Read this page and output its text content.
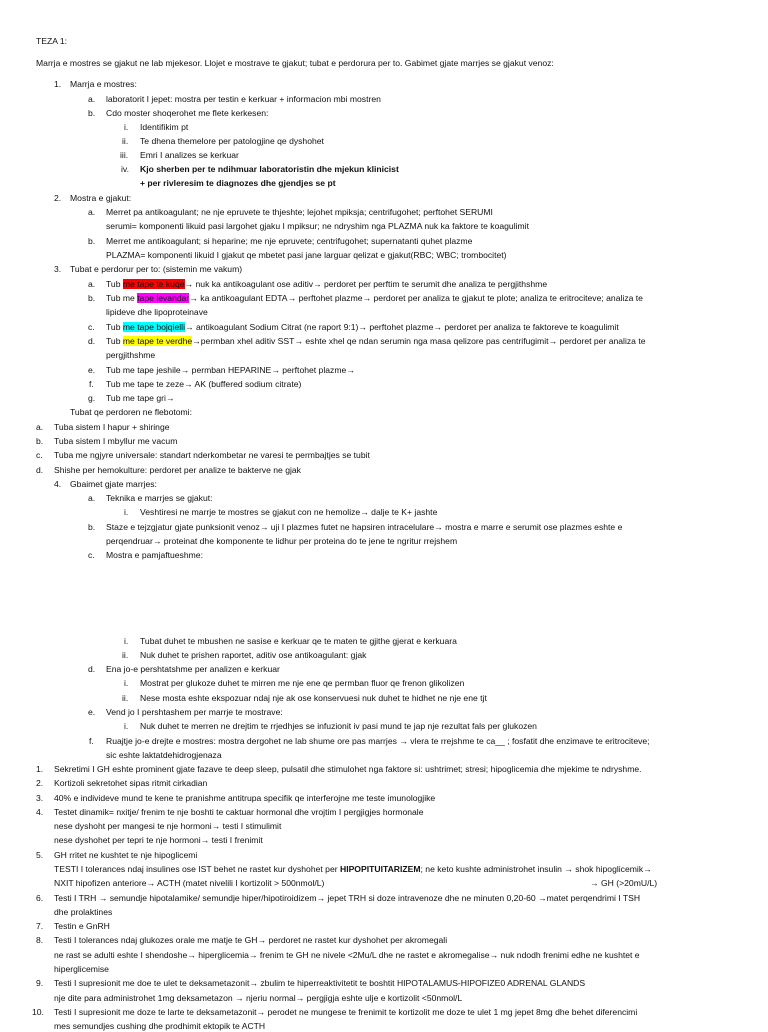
TEZA 1:
Marrja e mostres se gjakut ne lab mjekesor. Llojet e mostrave te gjakut; tubat e perdorura per to. Gabimet gjate marrjes se gjakut venoz:
1. Marrja e mostres:
a. laboratorit I jepet: mostra per testin e kerkuar + informacion mbi mostren
b. Cdo moster shoqerohet me flete kerkesen:
i. Identifikim pt
ii. Te dhena themelore per patologjine qe dyshohet
iii. Emri I analizes se kerkuar
iv. Kjo sherben per te ndihmuar laboratoristin dhe mjekun klinicist
+ per rivleresim te diagnozes dhe gjendjes se pt
2. Mostra e gjakut:
a. Merret pa antikoagulant; ne nje epruvete te thjeshte; lejohet mpiksja; centrifugohet; perftohet SERUMI
serumi= komponenti likuid pasi largohet gjaku I mpiksur; ne ndryshim nga PLAZMA nuk ka faktore te koagulimit
b. Merret me antikoagulant; si heparine; me nje epruvete; centrifugohet; supernatanti quhet plazme
PLAZMA= komponenti likuid I gjakut qe mbetet pasi jane larguar qelizat e gjakut(RBC; WBC; trombocitet)
3. Tubat e perdorur per to: (sistemin me vakum)
a. Tub me tape te kuqe→ nuk ka antikoagulant ose aditiv→ perdoret per perftim te serumit dhe analiza te pergjithshme
b. Tub me tape levandar→ ka antikoagulant EDTA→ perftohet plazme→ perdoret per analiza te gjakut te plote; analiza te eritrociteve; analiza te
lipideve dhe lipoproteinave
c. Tub me tape bojqielli→ antikoagulant Sodium Citrat (ne raport 9:1)→ perftohet plazme→ perdoret per analiza te faktoreve te koagulimit
d. Tub me tape te verdhe→permban xhel aditiv SST→ eshte xhel qe ndan serumin nga masa qelizore pas centrifugimit→ perdoret per analiza te
pergjithshme
e. Tub me tape jeshile→ permban HEPARINE→ perftohet plazme→
f. Tub me tape te zeze→ AK (buffered sodium citrate)
g. Tub me tape gri→
Tubat qe perdoren ne flebotomi:
a. Tuba sistem I hapur + shiringe
b. Tuba sistem I mbyllur me vacum
c. Tuba me ngjyre universale: standart nderkombetar ne varesi te permbajtjes se tubit
d. Shishe per hemokulture: perdoret per analize te bakterve ne gjak
4. Gbaimet gjate marrjes:
a. Teknika e marrjes se gjakut:
i. Veshtiresi ne marrje te mostres se gjakut con ne hemolize→ dalje te K+ jashte
b. Staze e tejzgjatur gjate punksionit venoz→ uji I plazmes futet ne hapsiren intracelulare→ mostra e marre e serumit ose plazmes eshte e
perqendruar→ proteinat dhe komponente te lidhur per proteina do te jene te ngritur rrejshem
c. Mostra e pamjaftueshme:
i. Tubat duhet te mbushen ne sasise e kerkuar qe te maten te gjithe gjerat e kerkuara
ii. Nuk duhet te prishen raportet, aditiv ose antikoagulant: gjak
d. Ena jo-e pershtatshme per analizen e kerkuar
i. Mostrat per glukoze duhet te mirren me nje ene qe permban fluor qe frenon glikolizen
ii. Nese mosta eshte ekspozuar ndaj nje ak ose konservuesi nuk duhet te hidhet ne nje ene tjt
e. Vend jo I pershtashem per marrje te mostrave:
i. Nuk duhet te merren ne drejtim te rrjedhjes se infuzionit iv pasi mund te jap nje rezultat fals per glukozen
f. Ruajtje jo-e drejte e mostres: mostra dergohet ne lab shume ore pas marrjes → vlera te rrejshme te ca__ ; fosfatit dhe enzimave te eritrociteve;
sic eshte laktatdehidrogjenaza
1. Sekretimi I GH eshte prominent gjate fazave te deep sleep, pulsatil dhe stimulohet nga faktore si: ushtrimet; stresi; hipoglicemia dhe mjekime te ndryshme.
2. Kortizoli sekretohet sipas ritmit cirkadian
3. 40% e individeve mund te kene te pranishme antitrupa specifik qe interferojne me teste imunologjike
4. Testet dinamik= nxitje/ frenim te nje boshti te caktuar hormonal dhe vrojtim I pergjigjes hormonale
nese dyshoht per mangesi te nje hormoni→ testi I stimulimit
nese dyshohet per tepri te nje hormoni→ testi I frenimit
5. GH rritet ne kushtet te nje hipoglicemi
TESTI I tolerances ndaj insulines ose IST behet ne rastet kur dyshohet per HIPOPITUITARIZEM; ne keto kushte administrohet insulin → shok hipoglicemik→
NXIT hipofizen anteriore→ ACTH (matet nivelili I kortizolit > 500nmol/L)	→ GH (>20mU/L)
6. Testi I TRH → semundje hipotalamike/ semundje hiper/hipotiroidizem→ jepet TRH si doze intravenoze dhe ne minuten 0,20-60 →matet perqendrimi I TSH
dhe prolaktines
7. Testin e GnRH
8. Testi I tolerances ndaj glukozes orale me matje te GH→ perdoret ne rastet kur dyshohet per akromegali
ne rast se adulti eshte I shendoshe→ hiperglicemia→ frenim te GH ne nivele <2Mu/L dhe ne rastet e akromegalise→ nuk ndodh frenimi edhe ne kushtet e
hiperglicemise
9. Testi I supresionit me doe te ulet te deksametazonit→ zbulim te hiperreaktivitetit te boshtit HIPOTALAMUS-HIPOFIZE0 ADRENAL GLANDS
nje dite para administrohet 1mg deksametazon → njeriu normal→ pergjigja eshte ulje e kortizolit <50nmol/L
10. Testi I supresionit me doze te larte te deksametazonit→ perodet ne mungese te frenimit te kortizolit me doze te ulet 1 mg jepet 8mg dhe behet diferencimi
mes semundjes cushing dhe prodhimit ektopik te ACTH
